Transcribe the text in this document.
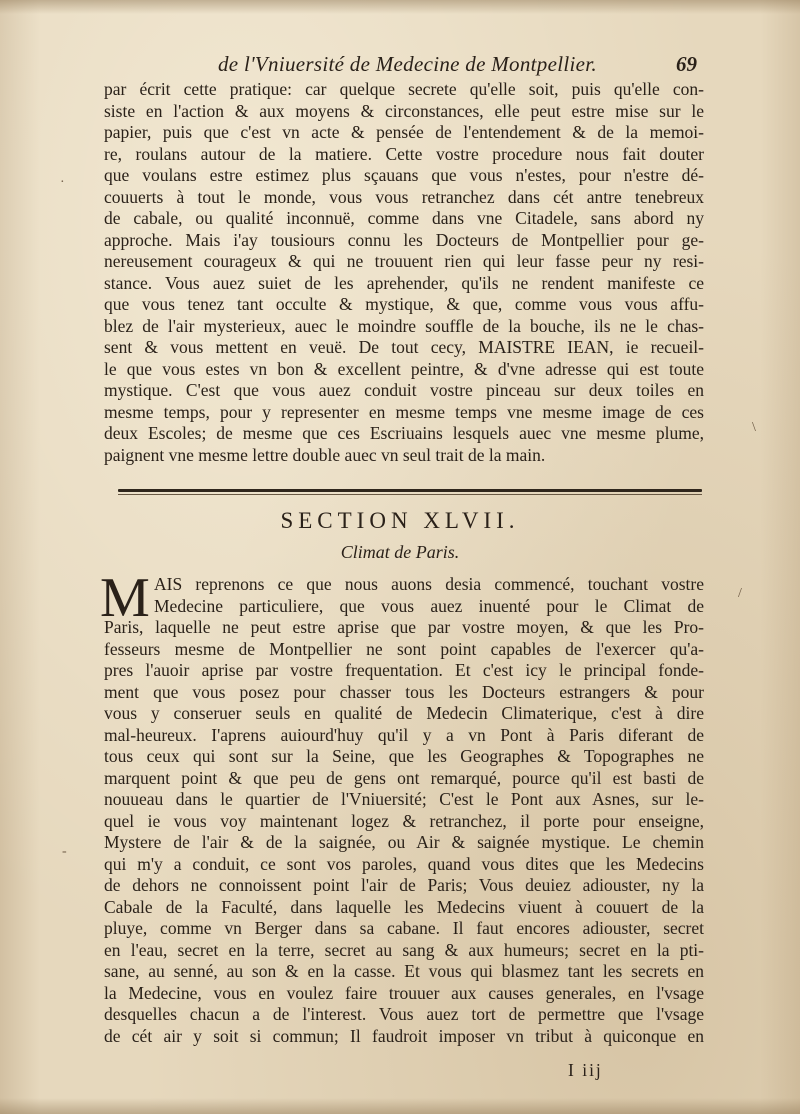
de l'Vniuersité de Medecine de Montpellier.	69
par écrit cette pratique: car quelque secrete qu'elle soit, puis qu'elle con-
siste en l'action & aux moyens & circonstances, elle peut estre mise sur le
papier, puis que c'est vn acte & pensée de l'entendement & de la memoi-
re, roulans autour de la matiere. Cette vostre procedure nous fait douter
que voulans estre estimez plus sçauans que vous n'estes, pour n'estre dé-
couuerts à tout le monde, vous vous retranchez dans cét antre tenebreux
de cabale, ou qualité inconnuë, comme dans vne Citadele, sans abord ny
approche. Mais i'ay tousiours connu les Docteurs de Montpellier pour ge-
nereusement courageux & qui ne trouuent rien qui leur fasse peur ny resi-
stance. Vous auez suiet de les aprehender, qu'ils ne rendent manifeste ce
que vous tenez tant occulte & mystique, & que, comme vous vous affu-
blez de l'air mysterieux, auec le moindre souffle de la bouche, ils ne le chas-
sent & vous mettent en veuë. De tout cecy, MAISTRE IEAN, ie recueil-
le que vous estes vn bon & excellent peintre, & d'vne adresse qui est toute
mystique. C'est que vous auez conduit vostre pinceau sur deux toiles en
mesme temps, pour y representer en mesme temps vne mesme image de ces
deux Escoles; de mesme que ces Escriuains lesquels auec vne mesme plume,
paignent vne mesme lettre double auec vn seul trait de la main.
SECTION XLVII.
Climat de Paris.
M AIS reprenons ce que nous auons desia commencé, touchant vostre
Medecine particuliere, que vous auez inuenté pour le Climat de
Paris, laquelle ne peut estre aprise que par vostre moyen, & que les Pro-
fesseurs mesme de Montpellier ne sont point capables de l'exercer qu'a-
pres l'auoir aprise par vostre frequentation. Et c'est icy le principal fonde-
ment que vous posez pour chasser tous les Docteurs estrangers & pour
vous y conseruer seuls en qualité de Medecin Climaterique, c'est à dire
mal-heureux. I'aprens auiourd'huy qu'il y a vn Pont à Paris diferant de
tous ceux qui sont sur la Seine, que les Geographes & Topographes ne
marquent point & que peu de gens ont remarqué, pource qu'il est basti de
nouueau dans le quartier de l'Vniuersité; C'est le Pont aux Asnes, sur le-
quel ie vous voy maintenant logez & retranchez, il porte pour enseigne,
Mystere de l'air & de la saignée, ou Air & saignée mystique. Le chemin
qui m'y a conduit, ce sont vos paroles, quand vous dites que les Medecins
de dehors ne connoissent point l'air de Paris; Vous deuiez adiouster, ny la
Cabale de la Faculté, dans laquelle les Medecins viuent à couuert de la
pluye, comme vn Berger dans sa cabane. Il faut encores adiouster, secret
en l'eau, secret en la terre, secret au sang & aux humeurs; secret en la pti-
sane, au senné, au son & en la casse. Et vous qui blasmez tant les secrets en
la Medecine, vous en voulez faire trouuer aux causes generales, en l'vsage
desquelles chacun a de l'interest. Vous auez tort de permettre que l'vsage
de cét air y soit si commun; Il faudroit imposer vn tribut à quiconque en
I iij
·
\
-
/
